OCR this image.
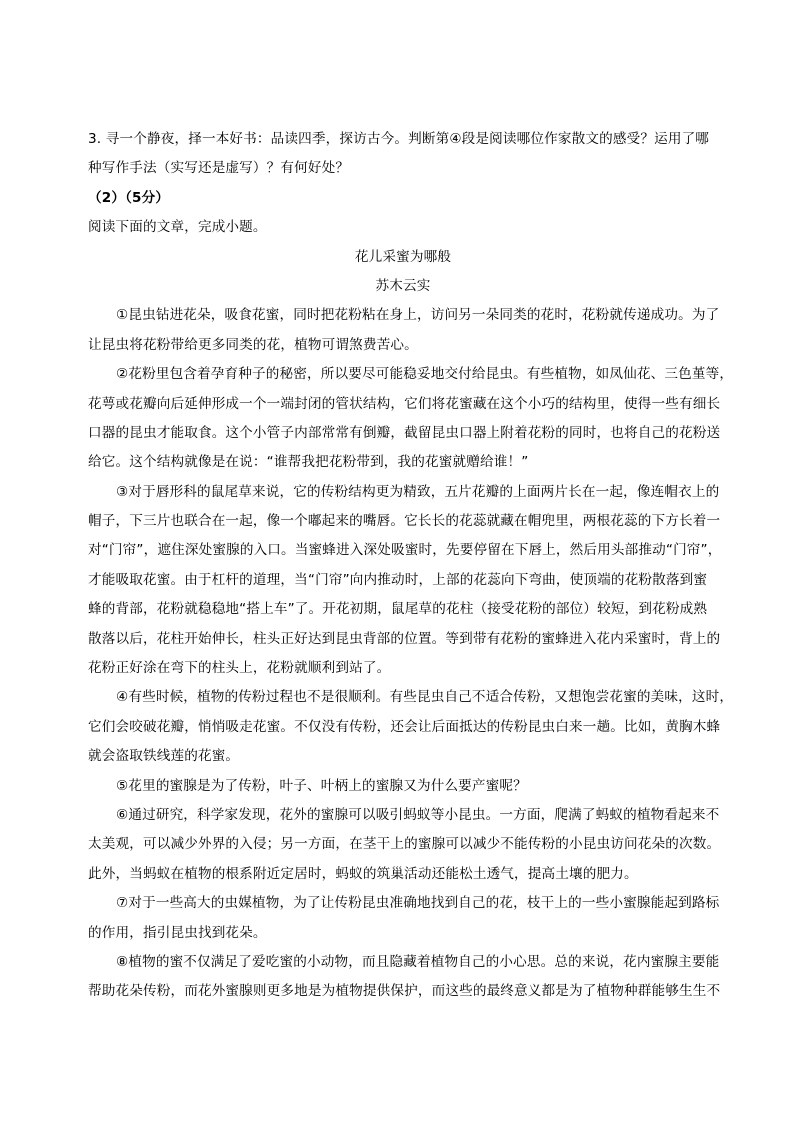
3. 寻一个静夜，择一本好书：品读四季，探访古今。判断第④段是阅读哪位作家散文的感受？运用了哪
种写作手法（实写还是虚写）？有何好处？
（2）（5分）
阅读下面的文章，完成小题。
花儿采蜜为哪般
苏木云实
①昆虫钻进花朵，吸食花蜜，同时把花粉粘在身上，访问另一朵同类的花时，花粉就传递成功。为了
让昆虫将花粉带给更多同类的花，植物可谓煞费苦心。
②花粉里包含着孕育种子的秘密，所以要尽可能稳妥地交付给昆虫。有些植物，如凤仙花、三色堇等，
花萼或花瓣向后延伸形成一个一端封闭的管状结构，它们将花蜜藏在这个小巧的结构里，使得一些有细长
口器的昆虫才能取食。这个小管子内部常常有倒瓣，截留昆虫口器上附着花粉的同时，也将自己的花粉送
给它。这个结构就像是在说：“谁帮我把花粉带到，我的花蜜就赠给谁！”
③对于唇形科的鼠尾草来说，它的传粉结构更为精致，五片花瓣的上面两片长在一起，像连帽衣上的
帽子，下三片也联合在一起，像一个嘟起来的嘴唇。它长长的花蕊就藏在帽兜里，两根花蕊的下方长着一
对“门帘”，遮住深处蜜腺的入口。当蜜蜂进入深处吸蜜时，先要停留在下唇上，然后用头部推动“门帘”，
才能吸取花蜜。由于杠杆的道理，当“门帘”向内推动时，上部的花蕊向下弯曲，使顶端的花粉散落到蜜
蜂的背部，花粉就稳稳地“搭上车”了。开花初期，鼠尾草的花柱（接受花粉的部位）较短，到花粉成熟
散落以后，花柱开始伸长，柱头正好达到昆虫背部的位置。等到带有花粉的蜜蜂进入花内采蜜时，背上的
花粉正好涂在弯下的柱头上，花粉就顺利到站了。
④有些时候，植物的传粉过程也不是很顺利。有些昆虫自己不适合传粉，又想饱尝花蜜的美味，这时，
它们会咬破花瓣，悄悄吸走花蜜。不仅没有传粉，还会让后面抵达的传粉昆虫白来一趟。比如，黄胸木蜂
就会盗取铁线莲的花蜜。
⑤花里的蜜腺是为了传粉，叶子、叶柄上的蜜腺又为什么要产蜜呢？
⑥通过研究，科学家发现，花外的蜜腺可以吸引蚂蚁等小昆虫。一方面，爬满了蚂蚁的植物看起来不
太美观，可以减少外界的入侵；另一方面，在茎干上的蜜腺可以减少不能传粉的小昆虫访问花朵的次数。
此外，当蚂蚁在植物的根系附近定居时，蚂蚁的筑巢活动还能松土透气，提高土壤的肥力。
⑦对于一些高大的虫媒植物，为了让传粉昆虫准确地找到自己的花，枝干上的一些小蜜腺能起到路标
的作用，指引昆虫找到花朵。
⑧植物的蜜不仅满足了爱吃蜜的小动物，而且隐藏着植物自己的小心思。总的来说，花内蜜腺主要能
帮助花朵传粉，而花外蜜腺则更多地是为植物提供保护，而这些的最终意义都是为了植物种群能够生生不
